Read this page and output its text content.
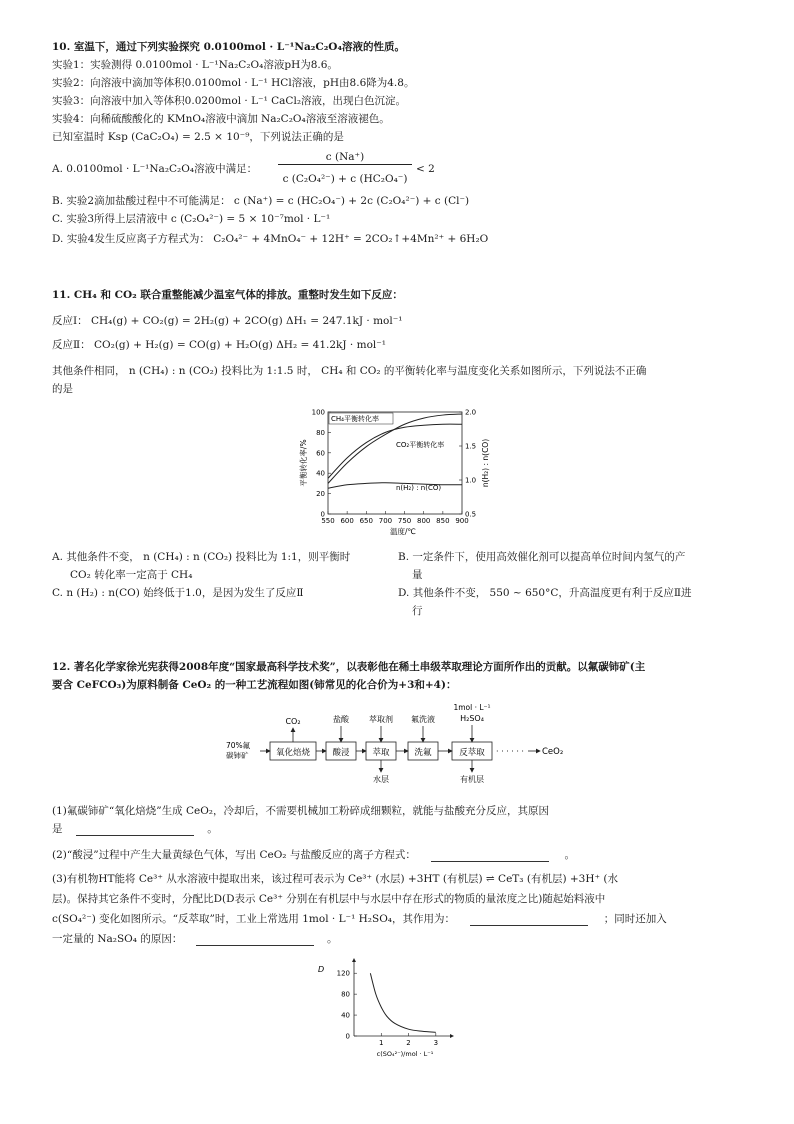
10. 室温下，通过下列实验探究 0.0100mol · L⁻¹Na₂C₂O₄溶液的性质。
实验1：实验测得 0.0100mol · L⁻¹Na₂C₂O₄溶液pH为8.6。
实验2：向溶液中滴加等体积0.0100mol · L⁻¹ HCl溶液，pH由8.6降为4.8。
实验3：向溶液中加入等体积0.0200mol · L⁻¹ CaCl₂溶液，出现白色沉淀。
实验4：向稀硫酸酸化的 KMnO₄溶液中滴加 Na₂C₂O₄溶液至溶液褪色。
已知室温时 Ksp (CaC₂O₄) = 2.5 × 10⁻⁹，下列说法正确的是
A. 0.0100mol · L⁻¹Na₂C₂O₄溶液中满足：
c (Na⁺)
c (C₂O₄²⁻) + c (HC₂O₄⁻)
< 2
B. 实验2滴加盐酸过程中不可能满足： c (Na⁺) = c (HC₂O₄⁻) + 2c (C₂O₄²⁻) + c (Cl⁻)
C. 实验3所得上层清液中 c (C₂O₄²⁻) = 5 × 10⁻⁷mol · L⁻¹
D. 实验4发生反应离子方程式为： C₂O₄²⁻ + 4MnO₄⁻ + 12H⁺ = 2CO₂↑+4Mn²⁺ + 6H₂O
11. CH₄ 和 CO₂ 联合重整能减少温室气体的排放。重整时发生如下反应：
反应I： CH₄(g) + CO₂(g) = 2H₂(g) + 2CO(g) ΔH₁ = 247.1kJ · mol⁻¹
反应Ⅱ： CO₂(g) + H₂(g) = CO(g) + H₂O(g) ΔH₂ = 41.2kJ · mol⁻¹
其他条件相同， n (CH₄) : n (CO₂) 投料比为 1:1.5 时， CH₄ 和 CO₂ 的平衡转化率与温度变化关系如图所示，下列说法不正确
的是
550 600 650 700 750 800 850 900
0
20
40
60
80
100
0.5
1.0
1.5
2.0
温度/℃
平衡转化率/%	n(H₂) : n(CO)
CH₄平衡转化率
CO₂平衡转化率
n(H₂) : n(CO)
A. 其他条件不变， n (CH₄) : n (CO₂) 投料比为 1:1，则平衡时
CO₂ 转化率一定高于 CH₄
B. 一定条件下，使用高效催化剂可以提高单位时间内氢气的产
量
C. n (H₂) : n(CO) 始终低于1.0，是因为发生了反应Ⅱ	D. 其他条件不变， 550 ~ 650°C，升高温度更有利于反应Ⅱ进
行
12. 著名化学家徐光宪获得2008年度“国家最高科学技术奖”，以表彰他在稀土串级萃取理论方面所作出的贡献。以氟碳铈矿(主
要含 CeFCO₃)为原料制备 CeO₂ 的一种工艺流程如图(铈常见的化合价为+3和+4)：
70%氟
碳铈矿	氧化焙烧	酸浸	萃取	洗氟	反萃取 · · · · · · CeO₂
CO₂	盐酸	萃取剂 氟洗液
1mol · L⁻¹
H₂SO₄
水层	有机层
(1)氟碳铈矿“氧化焙烧”生成 CeO₂，冷却后，不需要机械加工粉碎成细颗粒，就能与盐酸充分反应，其原因
是	。
(2)“酸浸”过程中产生大量黄绿色气体，写出 CeO₂ 与盐酸反应的离子方程式：	。
(3)有机物HT能将 Ce³⁺ 从水溶液中提取出来，该过程可表示为 Ce³⁺ (水层) +3HT (有机层) ⇌ CeT₃ (有机层) +3H⁺ (水
层)。保持其它条件不变时，分配比D(D表示 Ce³⁺ 分别在有机层中与水层中存在形式的物质的量浓度之比)随起始料液中
c(SO₄²⁻) 变化如图所示。“反萃取”时，工业上常选用 1mol · L⁻¹ H₂SO₄，其作用为：	；同时还加入
一定量的 Na₂SO₄ 的原因：	。
D
0
40
80
120
1	2	3
c(SO₄²⁻)/mol · L⁻¹
